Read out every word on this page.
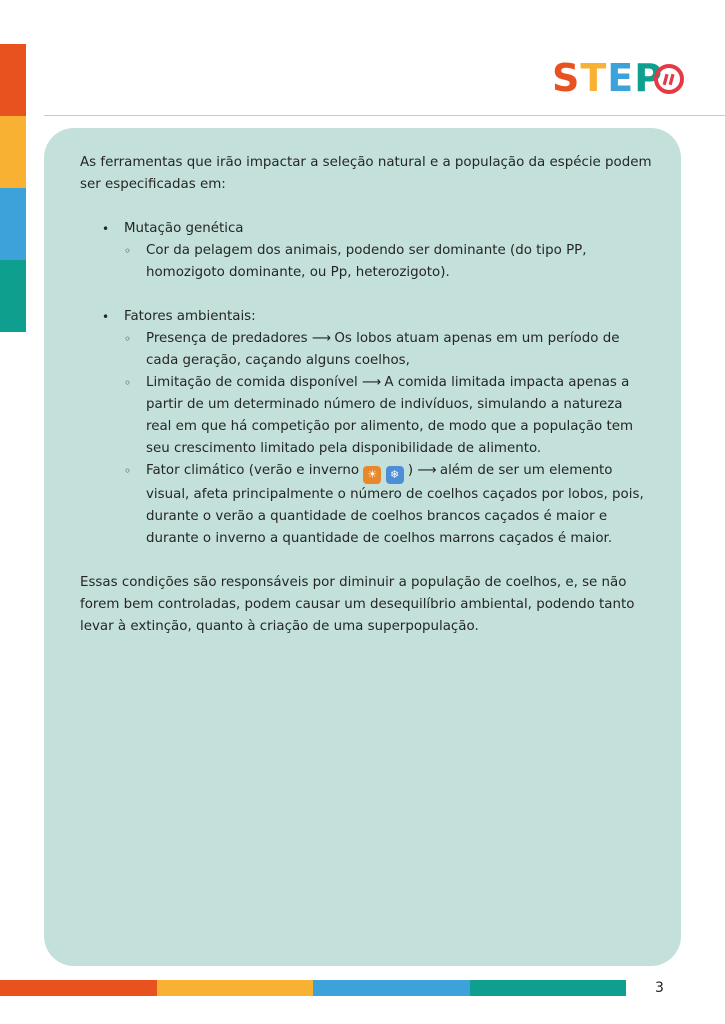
STEP

As ferramentas que irão impactar a seleção natural e a população da espécie podem ser especificadas em:

• Mutação genética
◦ Cor da pelagem dos animais, podendo ser dominante (do tipo PP, homozigoto dominante, ou Pp, heterozigoto).
• Fatores ambientais:
◦ Presença de predadores ⟶ Os lobos atuam apenas em um período de cada geração, caçando alguns coelhos,
◦ Limitação de comida disponível ⟶ A comida limitada impacta apenas a partir de um determinado número de indivíduos, simulando a natureza real em que há competição por alimento, de modo que a população tem seu crescimento limitado pela disponibilidade de alimento.
◦ Fator climático (verão e inverno ☀ ❄ ) ⟶ além de ser um elemento visual, afeta principalmente o número de coelhos caçados por lobos, pois, durante o verão a quantidade de coelhos brancos caçados é maior e durante o inverno a quantidade de coelhos marrons caçados é maior.

Essas condições são responsáveis por diminuir a população de coelhos, e, se não forem bem controladas, podem causar um desequilíbrio ambiental, podendo tanto levar à extinção, quanto à criação de uma superpopulação.

3
